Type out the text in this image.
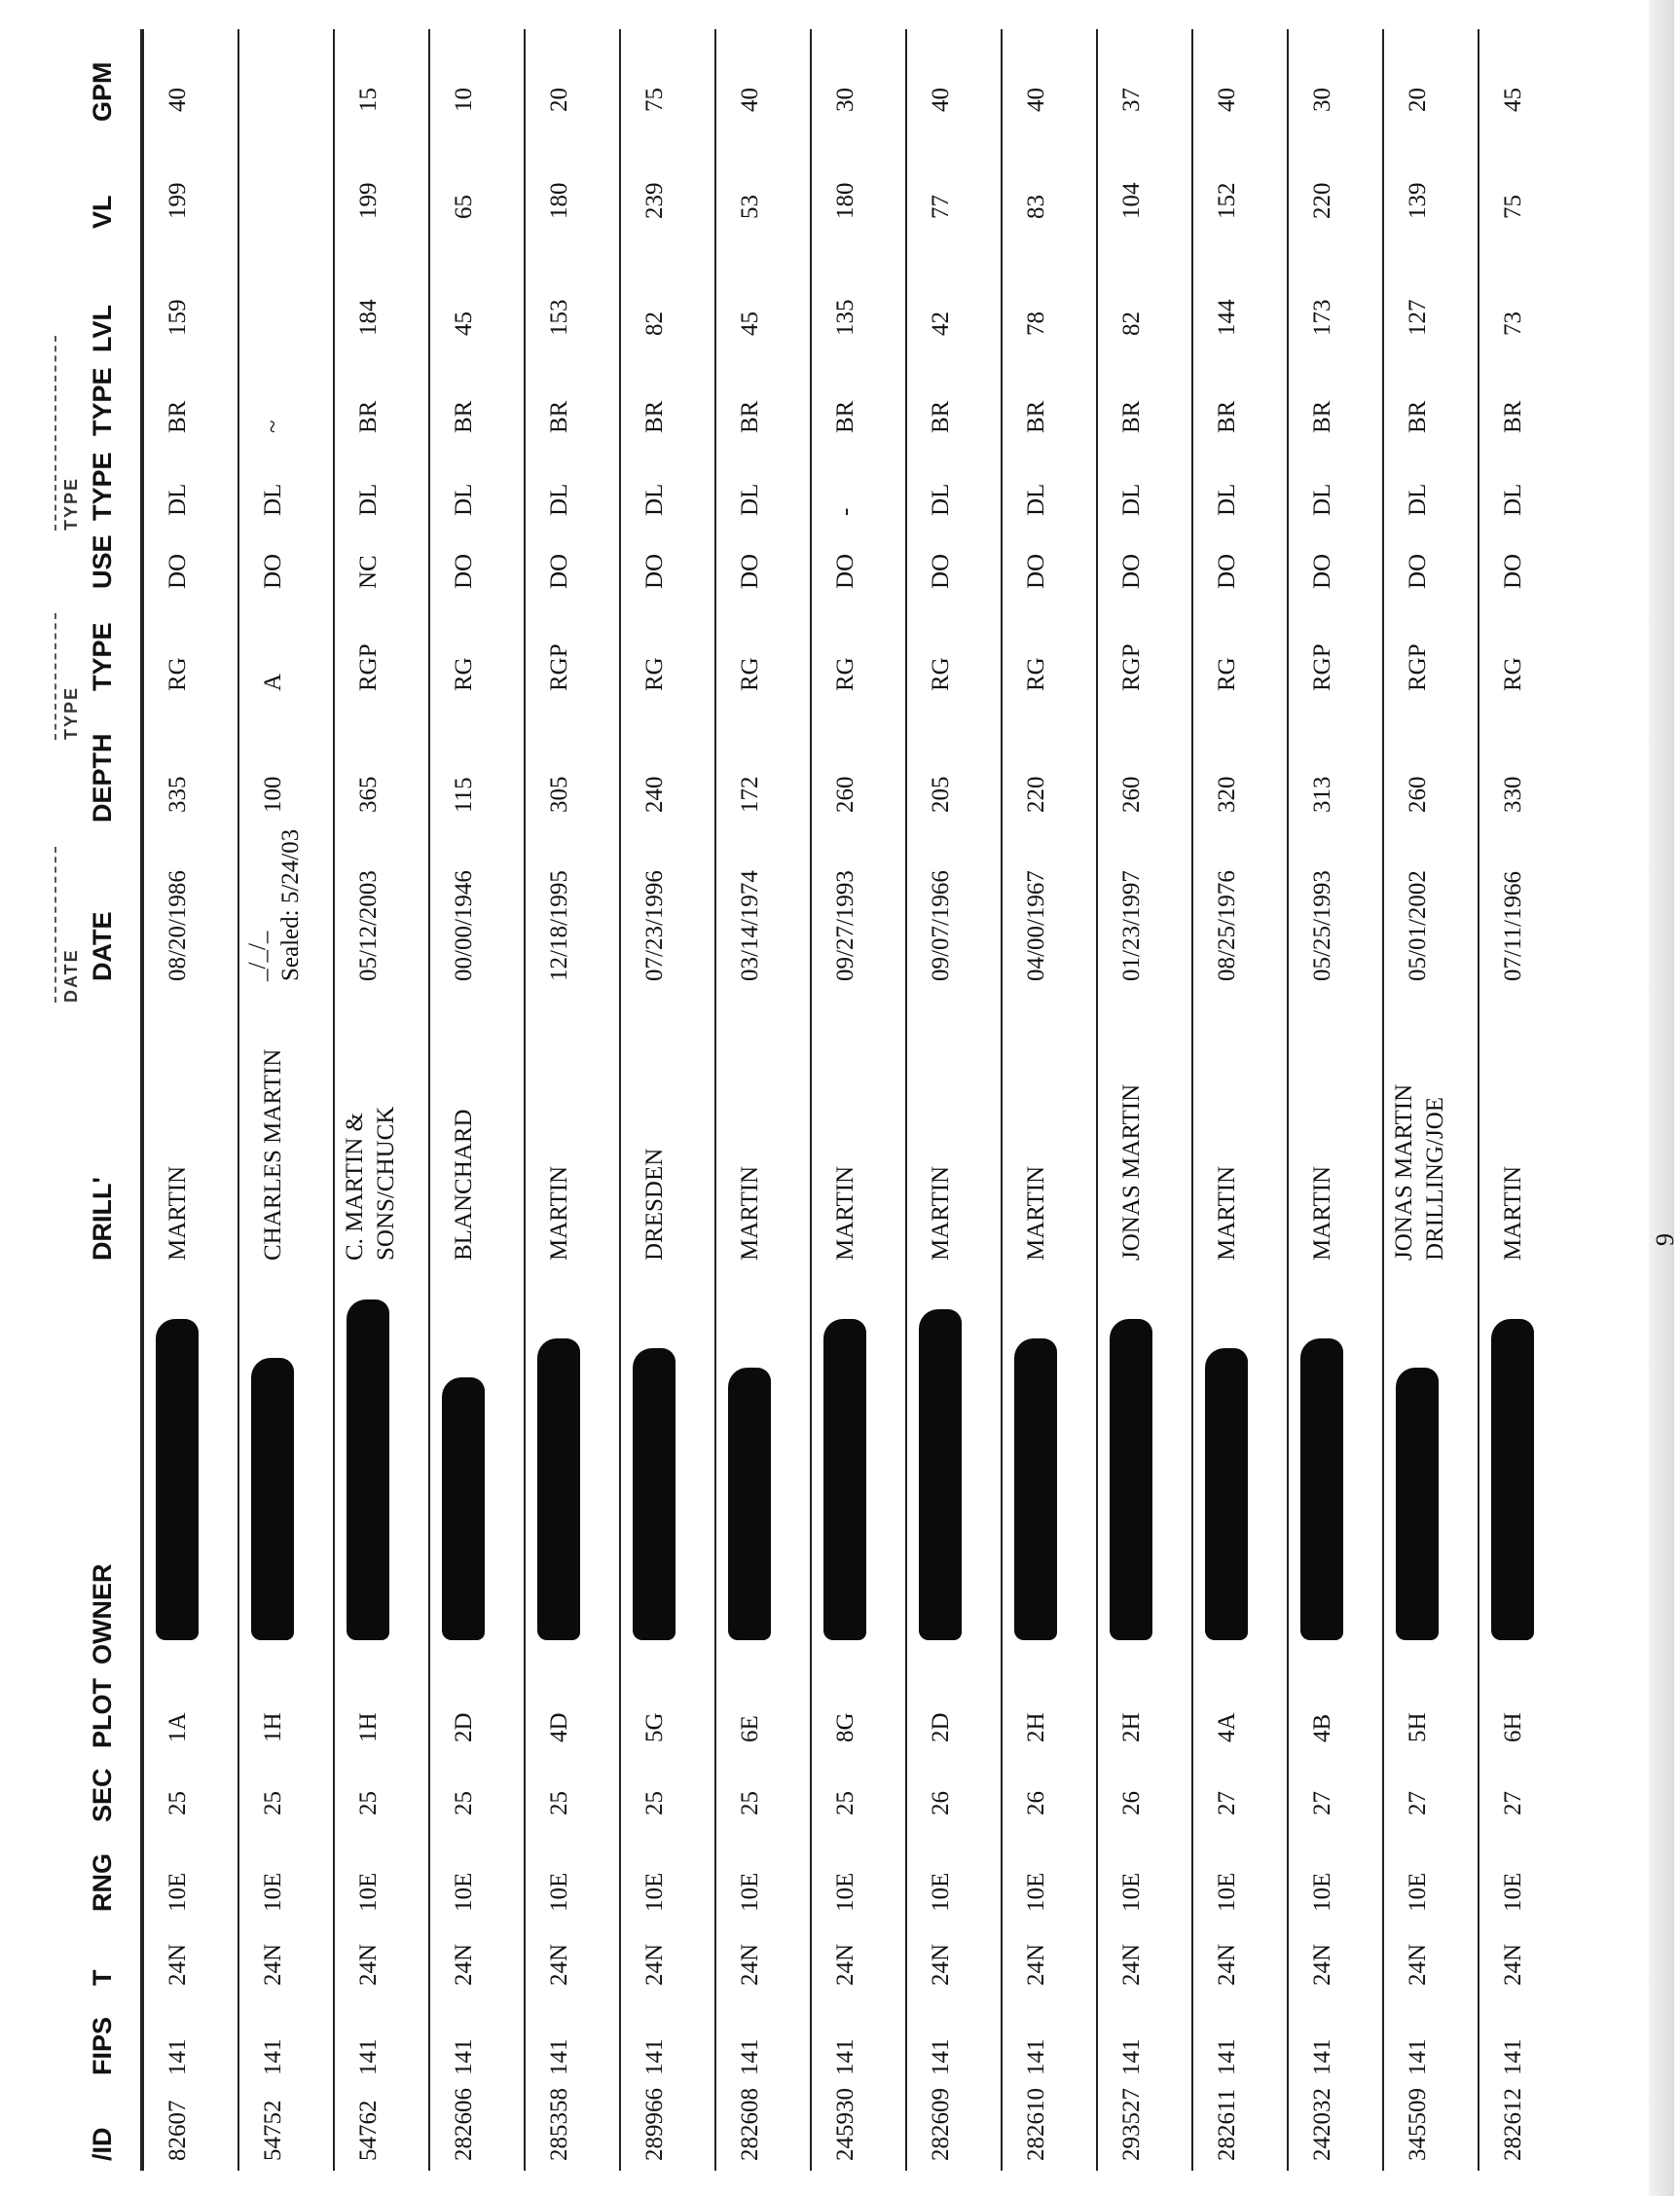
DATE
TYPE
TYPE
/ID
FIPS
T
RNG
SEC
PLOT
OWNER
DRILL'
DATE
DEPTH
TYPE
USE
TYPE
TYPE
LVL
VL
GPM
82607
141
24N
10E
25
1A
MARTIN
08/20/1986
335
RG
DO
DL
BR
159
199
40
54752
141
24N
10E
25
1H
CHARLES MARTIN
_/_/_ Sealed: 5/24/03
100
A
DO
DL
~
54762
141
24N
10E
25
1H
C. MARTIN & SONS/CHUCK
05/12/2003
365
RGP
NC
DL
BR
184
199
15
282606
141
24N
10E
25
2D
BLANCHARD
00/00/1946
115
RG
DO
DL
BR
45
65
10
285358
141
24N
10E
25
4D
MARTIN
12/18/1995
305
RGP
DO
DL
BR
153
180
20
289966
141
24N
10E
25
5G
DRESDEN
07/23/1996
240
RG
DO
DL
BR
82
239
75
282608
141
24N
10E
25
6E
MARTIN
03/14/1974
172
RG
DO
DL
BR
45
53
40
245930
141
24N
10E
25
8G
MARTIN
09/27/1993
260
RG
DO
-
BR
135
180
30
282609
141
24N
10E
26
2D
MARTIN
09/07/1966
205
RG
DO
DL
BR
42
77
40
282610
141
24N
10E
26
2H
MARTIN
04/00/1967
220
RG
DO
DL
BR
78
83
40
293527
141
24N
10E
26
2H
JONAS MARTIN
01/23/1997
260
RGP
DO
DL
BR
82
104
37
282611
141
24N
10E
27
4A
MARTIN
08/25/1976
320
RG
DO
DL
BR
144
152
40
242032
141
24N
10E
27
4B
MARTIN
05/25/1993
313
RGP
DO
DL
BR
173
220
30
345509
141
24N
10E
27
5H
JONAS MARTIN DRILLING/JOE
05/01/2002
260
RGP
DO
DL
BR
127
139
20
282612
141
24N
10E
27
6H
MARTIN
07/11/1966
330
RG
DO
DL
BR
73
75
45
9
